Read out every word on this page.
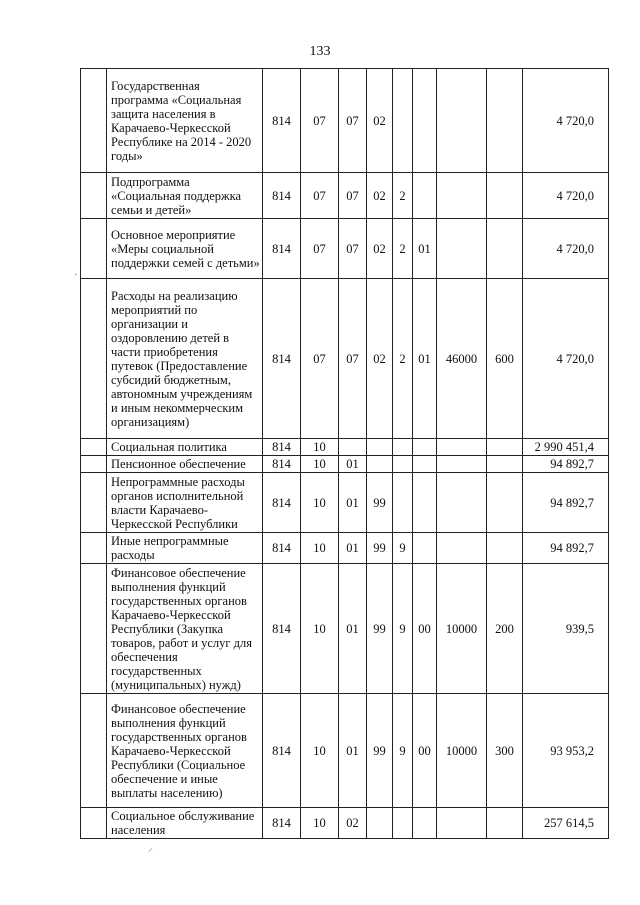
133
	Государственная программа «Социальная защита населения в Карачаево-Черкесской Республике на 2014 - 2020 годы»	814	07	07	02					4 720,0
	Подпрограмма «Социальная поддержка семьи и детей»	814	07	07	02	2				4 720,0
	Основное мероприятие «Меры социальной поддержки семей с детьми»	814	07	07	02	2	01			4 720,0
	Расходы на реализацию мероприятий по организации и оздоровлению детей в части приобретения путевок (Предоставление субсидий бюджетным, автономным учреждениям и иным некоммерческим организациям)	814	07	07	02	2	01	46000	600	4 720,0
	Социальная политика	814	10							2 990 451,4
	Пенсионное обеспечение	814	10	01						94 892,7
	Непрограммные расходы органов исполнительной власти Карачаево-Черкесской Республики	814	10	01	99					94 892,7
	Иные непрограммные расходы	814	10	01	99	9				94 892,7
	Финансовое обеспечение выполнения функций государственных органов Карачаево-Черкесской Республики (Закупка товаров, работ и услуг для обеспечения государственных (муниципальных) нужд)	814	10	01	99	9	00	10000	200	939,5
	Финансовое обеспечение выполнения функций государственных органов Карачаево-Черкесской Республики (Социальное обеспечение и иные выплаты населению)	814	10	01	99	9	00	10000	300	93 953,2
	Социальное обслуживание населения	814	10	02						257 614,5
·
⸝
